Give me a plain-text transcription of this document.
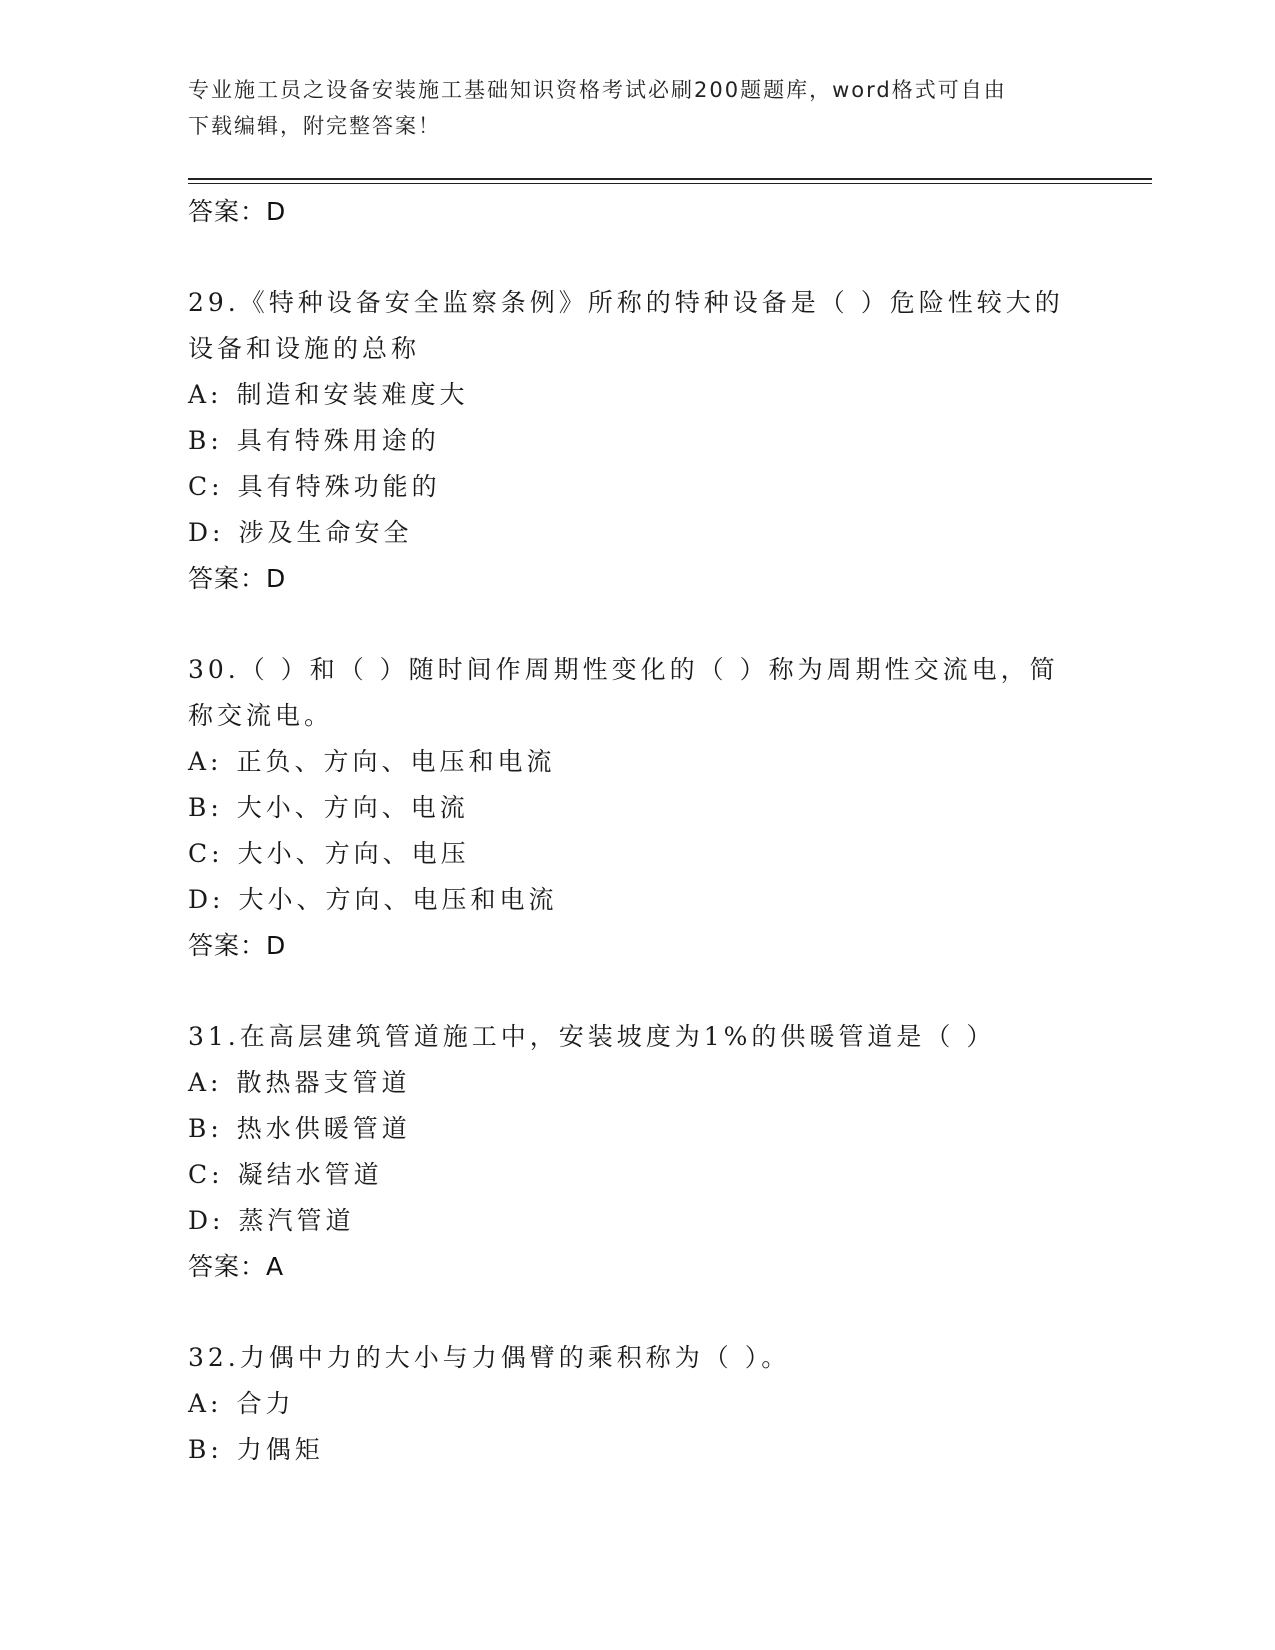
专业施工员之设备安装施工基础知识资格考试必刷200题题库，word格式可自由
下载编辑，附完整答案！
答案：D
29.《特种设备安全监察条例》所称的特种设备是（ ）危险性较大的
设备和设施的总称
A: 制造和安装难度大
B: 具有特殊用途的
C: 具有特殊功能的
D: 涉及生命安全
答案：D
30.（ ）和（ ）随时间作周期性变化的（ ）称为周期性交流电，简
称交流电。
A: 正负、方向、电压和电流
B: 大小、方向、电流
C: 大小、方向、电压
D: 大小、方向、电压和电流
答案：D
31.在高层建筑管道施工中，安装坡度为1%的供暖管道是（ ）
A: 散热器支管道
B: 热水供暖管道
C: 凝结水管道
D: 蒸汽管道
答案：A
32.力偶中力的大小与力偶臂的乘积称为（ ）。
A: 合力
B: 力偶矩
